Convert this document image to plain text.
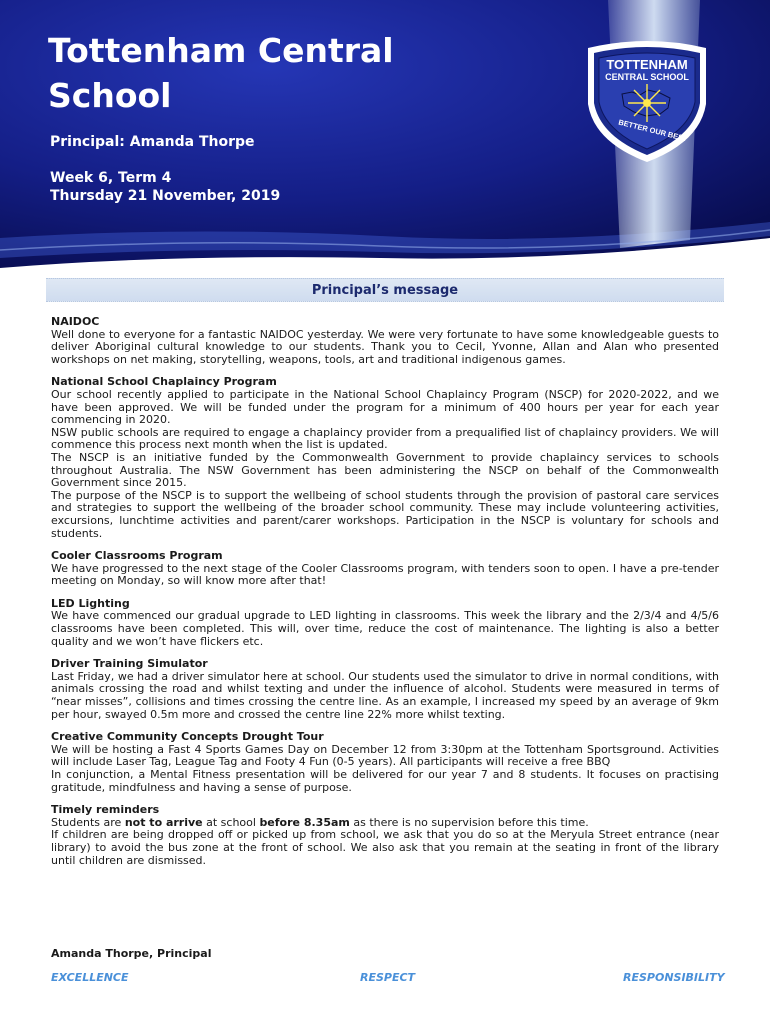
Tottenham Central
School
Principal: Amanda Thorpe
Week 6, Term 4
Thursday 21 November, 2019
TOTTENHAM
CENTRAL SCHOOL
BETTER OUR BEST
Principal’s message
NAIDOC

Well done to everyone for a fantastic NAIDOC yesterday. We were very fortunate to have some knowledgeable guests to deliver Aboriginal cultural knowledge to our students. Thank you to Cecil, Yvonne, Allan and Alan who presented workshops on net making, storytelling, weapons, tools, art and traditional indigenous games.

National School Chaplaincy Program

Our school recently applied to participate in the National School Chaplaincy Program (NSCP) for 2020-2022, and we have been approved. We will be funded under the program for a minimum of 400 hours per year for each year commencing in 2020.

NSW public schools are required to engage a chaplaincy provider from a prequalified list of chaplaincy providers. We will commence this process next month when the list is updated.

The NSCP is an initiative funded by the Commonwealth Government to provide chaplaincy services to schools throughout Australia. The NSW Government has been administering the NSCP on behalf of the Commonwealth Government since 2015.

The purpose of the NSCP is to support the wellbeing of school students through the provision of pastoral care services and strategies to support the wellbeing of the broader school community. These may include volunteering activities, excursions, lunchtime activities and parent/carer workshops. Participation in the NSCP is voluntary for schools and students.

Cooler Classrooms Program

We have progressed to the next stage of the Cooler Classrooms program, with tenders soon to open. I have a pre-tender meeting on Monday, so will know more after that!

LED Lighting

We have commenced our gradual upgrade to LED lighting in classrooms. This week the library and the 2/3/4 and 4/5/6 classrooms have been completed. This will, over time, reduce the cost of maintenance. The lighting is also a better quality and we won’t have flickers etc.

Driver Training Simulator

Last Friday, we had a driver simulator here at school. Our students used the simulator to drive in normal conditions, with animals crossing the road and whilst texting and under the influence of alcohol. Students were measured in terms of “near misses”, collisions and times crossing the centre line. As an example, I increased my speed by an average of 9km per hour, swayed 0.5m more and crossed the centre line 22% more whilst texting.

Creative Community Concepts Drought Tour

We will be hosting a Fast 4 Sports Games Day on December 12 from 3:30pm at the Tottenham Sportsground. Activities will include Laser Tag, League Tag and Footy 4 Fun (0-5 years). All participants will receive a free BBQ

In conjunction, a Mental Fitness presentation will be delivered for our year 7 and 8 students. It focuses on practising gratitude, mindfulness and having a sense of purpose.

Timely reminders

Students are not to arrive at school before 8.35am as there is no supervision before this time.

If children are being dropped off or picked up from school, we ask that you do so at the Meryula Street entrance (near library) to avoid the bus zone at the front of school. We also ask that you remain at the seating in front of the library until children are dismissed.

Amanda Thorpe, Principal
EXCELLENCE	RESPECT	RESPONSIBILITY
